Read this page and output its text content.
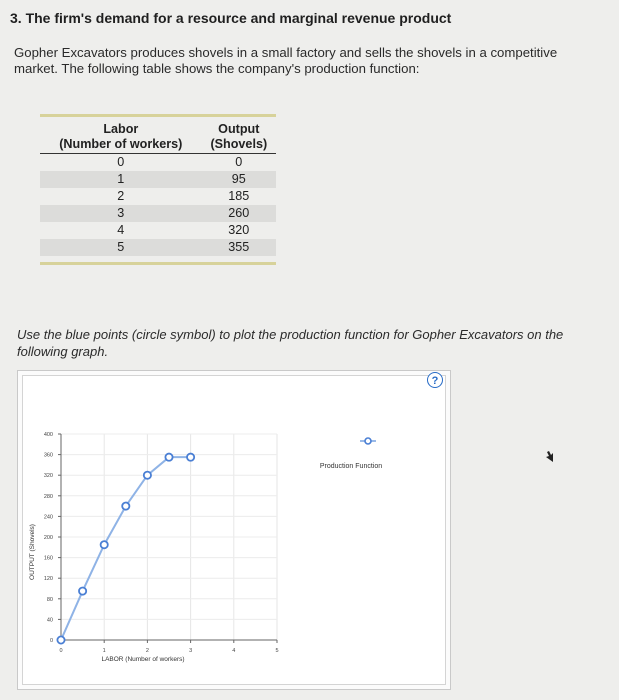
3. The firm's demand for a resource and marginal revenue product
Gopher Excavators produces shovels in a small factory and sells the shovels in a competitive market. The following table shows the company's production function:
Labor	Output
(Number of workers)	(Shovels)
0	0
1	95
2	185
3	260
4	320
5	355

Use the blue points (circle symbol) to plot the production function for Gopher Excavators on the following graph.
?
0
40
80
120
160
200
240
280
320
360
400
0	1	2	3	4	5
LABOR (Number of workers)
OUTPUT (Shovels)
Production Function
